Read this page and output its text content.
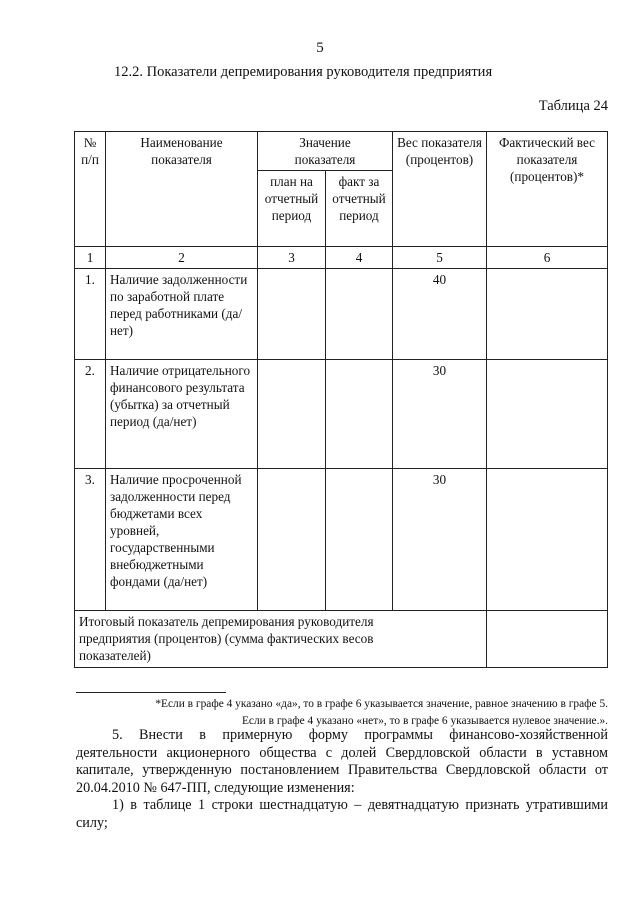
5
12.2. Показатели депремирования руководителя предприятия
Таблица 24
№ п/п	Наименование показателя	Значение показателя		Вес показателя (процентов)	Фактический вес показателя (процентов)*
		план на отчетный период	факт за отчетный период		
1	2	3	4	5	6
1.	Наличие задолженности по заработной плате перед работниками (да/нет)			40	
2.	Наличие отрицательного финансового результата (убытка) за отчетный период (да/нет)			30	
3.	Наличие просроченной задолженности перед бюджетами всех уровней, государственными внебюджетными фондами (да/нет)			30	
Итоговый показатель депремирования руководителя предприятия (процентов) (сумма фактических весов показателей)					
*Если в графе 4 указано «да», то в графе 6 указывается значение, равное значению в графе 5.
Если в графе 4 указано «нет», то в графе 6 указывается нулевое значение.».

5. Внести в примерную форму программы финансово-хозяйственной деятельности акционерного общества с долей Свердловской области в уставном капитале, утвержденную постановлением Правительства Свердловской области от 20.04.2010 № 647-ПП, следующие изменения:

1) в таблице 1 строки шестнадцатую – девятнадцатую признать утратившими силу;
